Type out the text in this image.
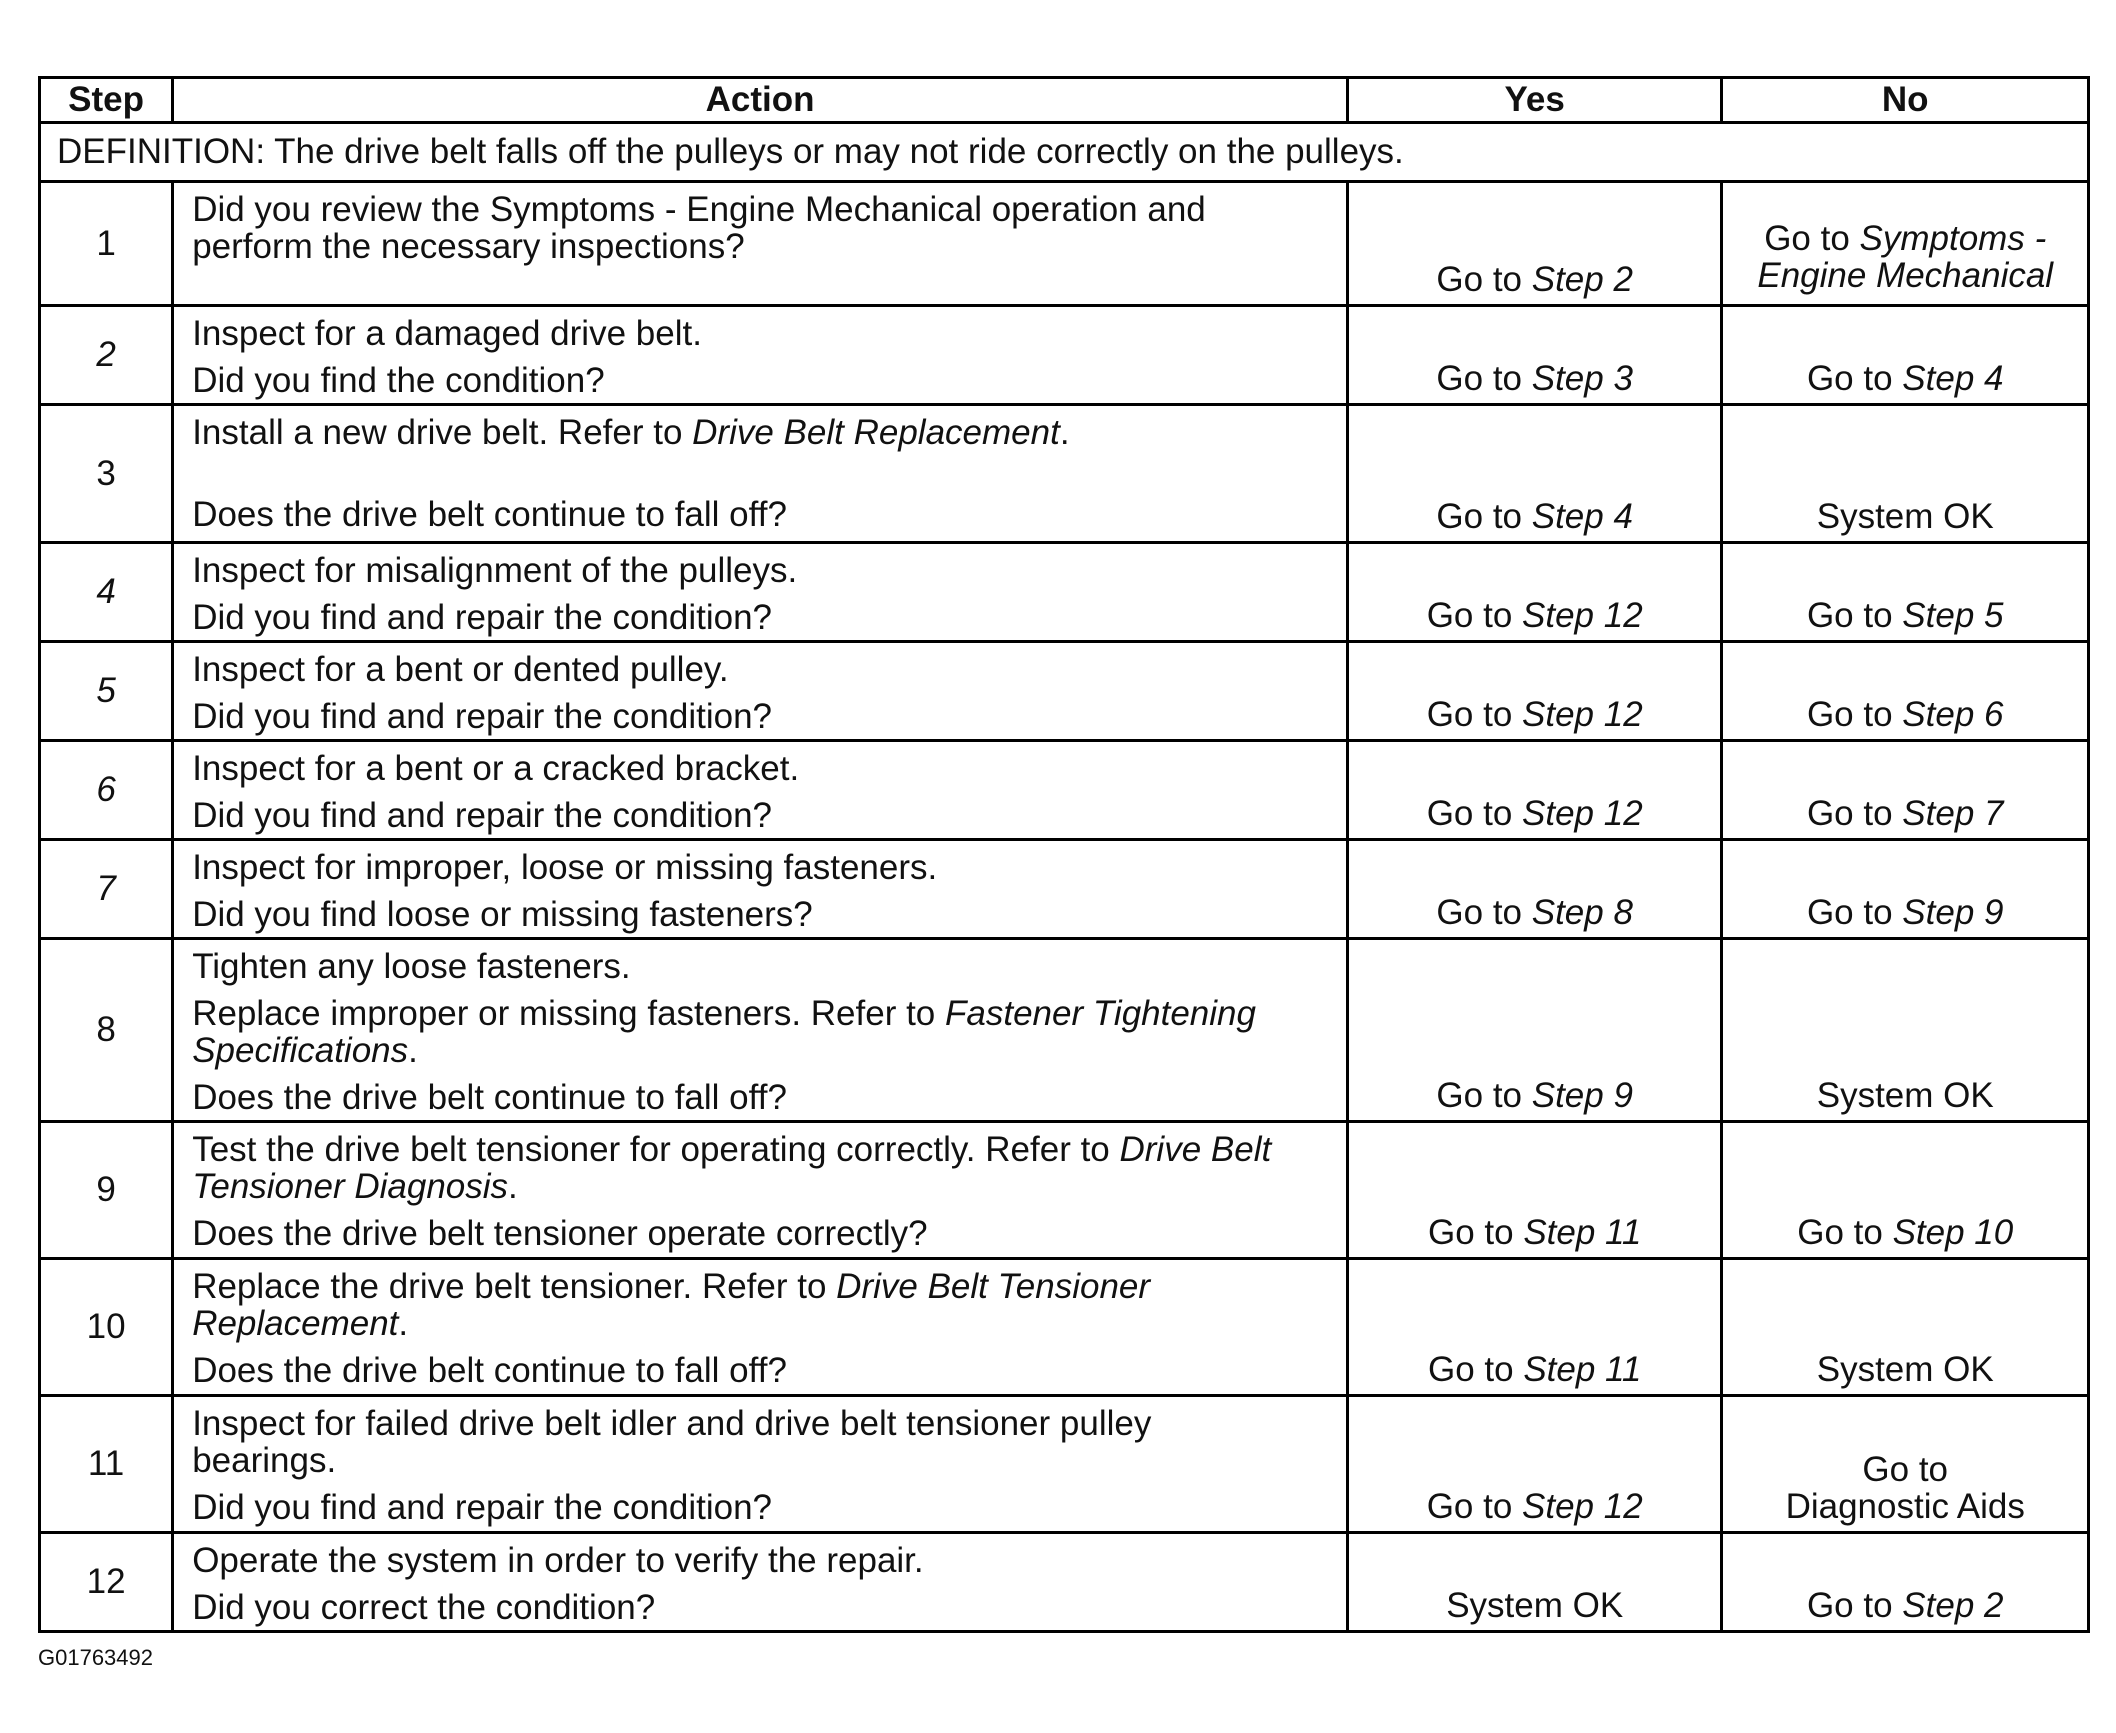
Step	Action	Yes	No
DEFINITION: The drive belt falls off the pulleys or may not ride correctly on the pulleys.			
1	Did you review the Symptoms - Engine Mechanical operation and
perform the necessary inspections?	Go to Step 2	Go to Symptoms -
Engine Mechanical
2	Inspect for a damaged drive belt.
Did you find the condition?	Go to Step 3	Go to Step 4
3	Install a new drive belt. Refer to Drive Belt Replacement.
Does the drive belt continue to fall off?	Go to Step 4	System OK
4	Inspect for misalignment of the pulleys.
Did you find and repair the condition?	Go to Step 12	Go to Step 5
5	Inspect for a bent or dented pulley.
Did you find and repair the condition?	Go to Step 12	Go to Step 6
6	Inspect for a bent or a cracked bracket.
Did you find and repair the condition?	Go to Step 12	Go to Step 7
7	Inspect for improper, loose or missing fasteners.
Did you find loose or missing fasteners?	Go to Step 8	Go to Step 9
8	Tighten any loose fasteners.
Replace improper or missing fasteners. Refer to Fastener Tightening
Specifications.
Does the drive belt continue to fall off?	Go to Step 9	System OK
9	Test the drive belt tensioner for operating correctly. Refer to Drive Belt
Tensioner Diagnosis.
Does the drive belt tensioner operate correctly?	Go to Step 11	Go to Step 10
10	Replace the drive belt tensioner. Refer to Drive Belt Tensioner
Replacement.
Does the drive belt continue to fall off?	Go to Step 11	System OK
11	Inspect for failed drive belt idler and drive belt tensioner pulley
bearings.
Did you find and repair the condition?	Go to Step 12	Go to
Diagnostic Aids
12	Operate the system in order to verify the repair.
Did you correct the condition?	System OK	Go to Step 2
G01763492
